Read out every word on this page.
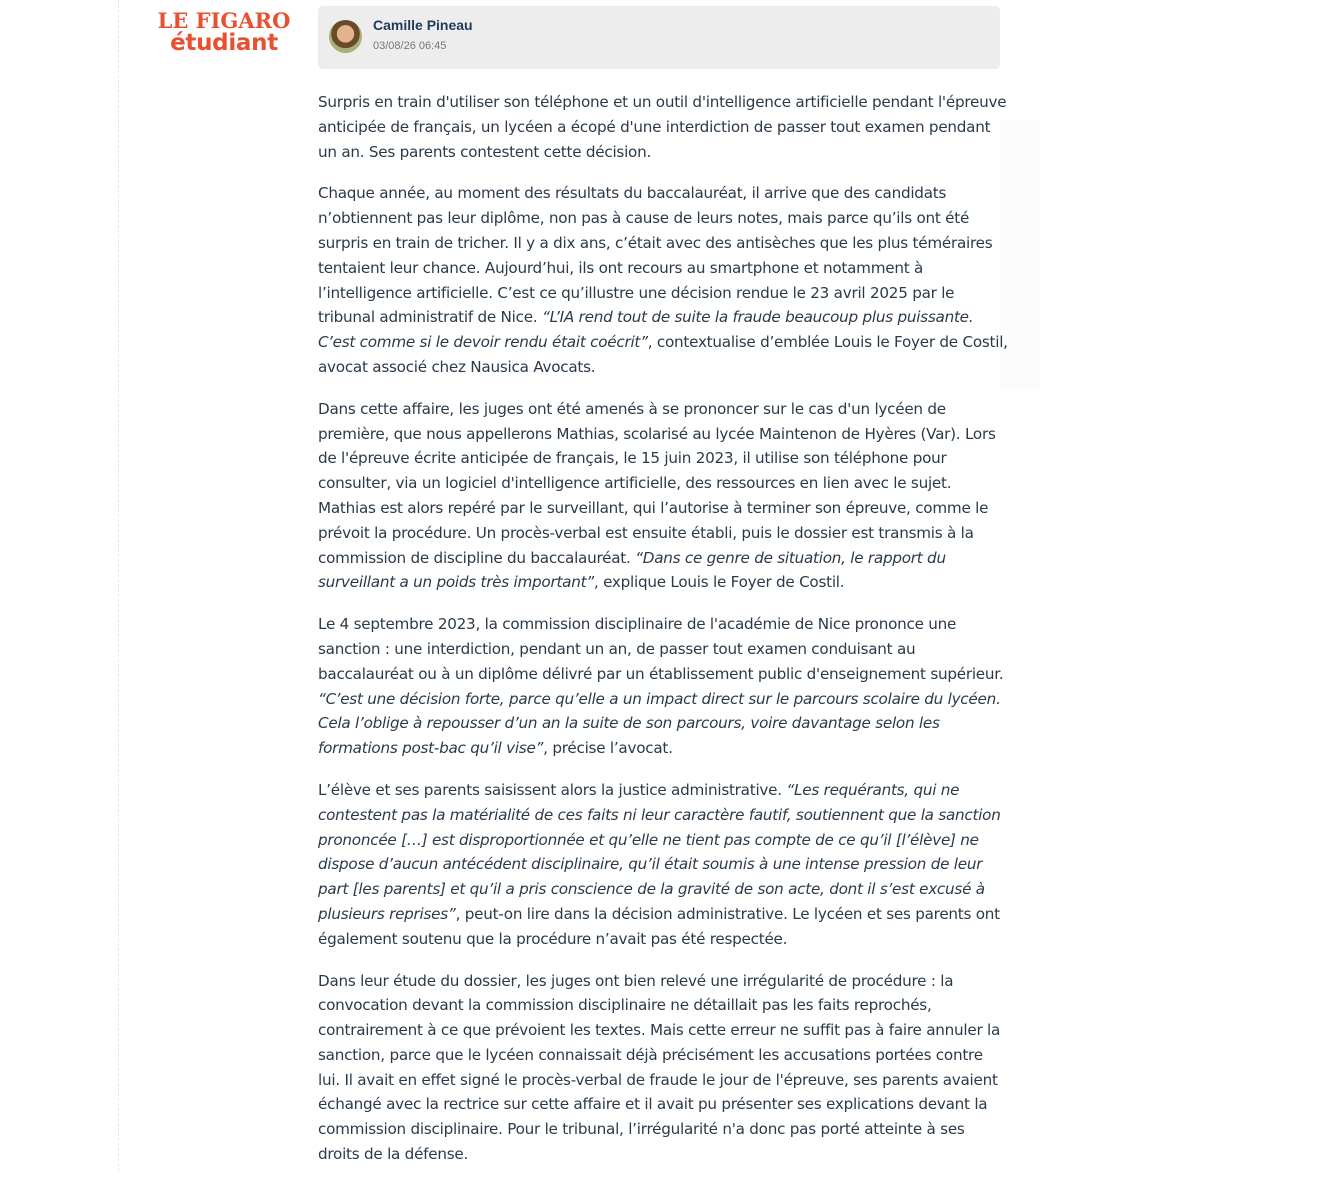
LE FIGARO
étudiant
Camille Pineau
03/08/26 06:45

Surpris en train d'utiliser son téléphone et un outil d'intelligence artificielle pendant l'épreuve anticipée de français, un lycéen a écopé d'une interdiction de passer tout examen pendant un an. Ses parents contestent cette décision.

Chaque année, au moment des résultats du baccalauréat, il arrive que des candidats n’obtiennent pas leur diplôme, non pas à cause de leurs notes, mais parce qu’ils ont été surpris en train de tricher. Il y a dix ans, c’était avec des antisèches que les plus téméraires tentaient leur chance. Aujourd’hui, ils ont recours au smartphone et notamment à l’intelligence artificielle. C’est ce qu’illustre une décision rendue le 23 avril 2025 par le tribunal administratif de Nice. “L’IA rend tout de suite la fraude beaucoup plus puissante. C’est comme si le devoir rendu était coécrit”, contextualise d’emblée Louis le Foyer de Costil, avocat associé chez Nausica Avocats.

Dans cette affaire, les juges ont été amenés à se prononcer sur le cas d'un lycéen de première, que nous appellerons Mathias, scolarisé au lycée Maintenon de Hyères (Var). Lors de l'épreuve écrite anticipée de français, le 15 juin 2023, il utilise son téléphone pour consulter, via un logiciel d'intelligence artificielle, des ressources en lien avec le sujet. Mathias est alors repéré par le surveillant, qui l’autorise à terminer son épreuve, comme le prévoit la procédure. Un procès-verbal est ensuite établi, puis le dossier est transmis à la commission de discipline du baccalauréat. “Dans ce genre de situation, le rapport du surveillant a un poids très important”, explique Louis le Foyer de Costil.

Le 4 septembre 2023, la commission disciplinaire de l'académie de Nice prononce une sanction : une interdiction, pendant un an, de passer tout examen conduisant au baccalauréat ou à un diplôme délivré par un établissement public d'enseignement supérieur. “C’est une décision forte, parce qu’elle a un impact direct sur le parcours scolaire du lycéen. Cela l’oblige à repousser d’un an la suite de son parcours, voire davantage selon les formations post-bac qu’il vise”, précise l’avocat.

L’élève et ses parents saisissent alors la justice administrative. “Les requérants, qui ne contestent pas la matérialité de ces faits ni leur caractère fautif, soutiennent que la sanction prononcée […] est disproportionnée et qu’elle ne tient pas compte de ce qu’il [l’élève] ne dispose d’aucun antécédent disciplinaire, qu’il était soumis à une intense pression de leur part [les parents] et qu’il a pris conscience de la gravité de son acte, dont il s’est excusé à plusieurs reprises”, peut-on lire dans la décision administrative. Le lycéen et ses parents ont également soutenu que la procédure n’avait pas été respectée.

Dans leur étude du dossier, les juges ont bien relevé une irrégularité de procédure : la convocation devant la commission disciplinaire ne détaillait pas les faits reprochés, contrairement à ce que prévoient les textes. Mais cette erreur ne suffit pas à faire annuler la sanction, parce que le lycéen connaissait déjà précisément les accusations portées contre lui. Il avait en effet signé le procès-verbal de fraude le jour de l'épreuve, ses parents avaient échangé avec la rectrice sur cette affaire et il avait pu présenter ses explications devant la commission disciplinaire. Pour le tribunal, l’irrégularité n'a donc pas porté atteinte à ses droits de la défense.
